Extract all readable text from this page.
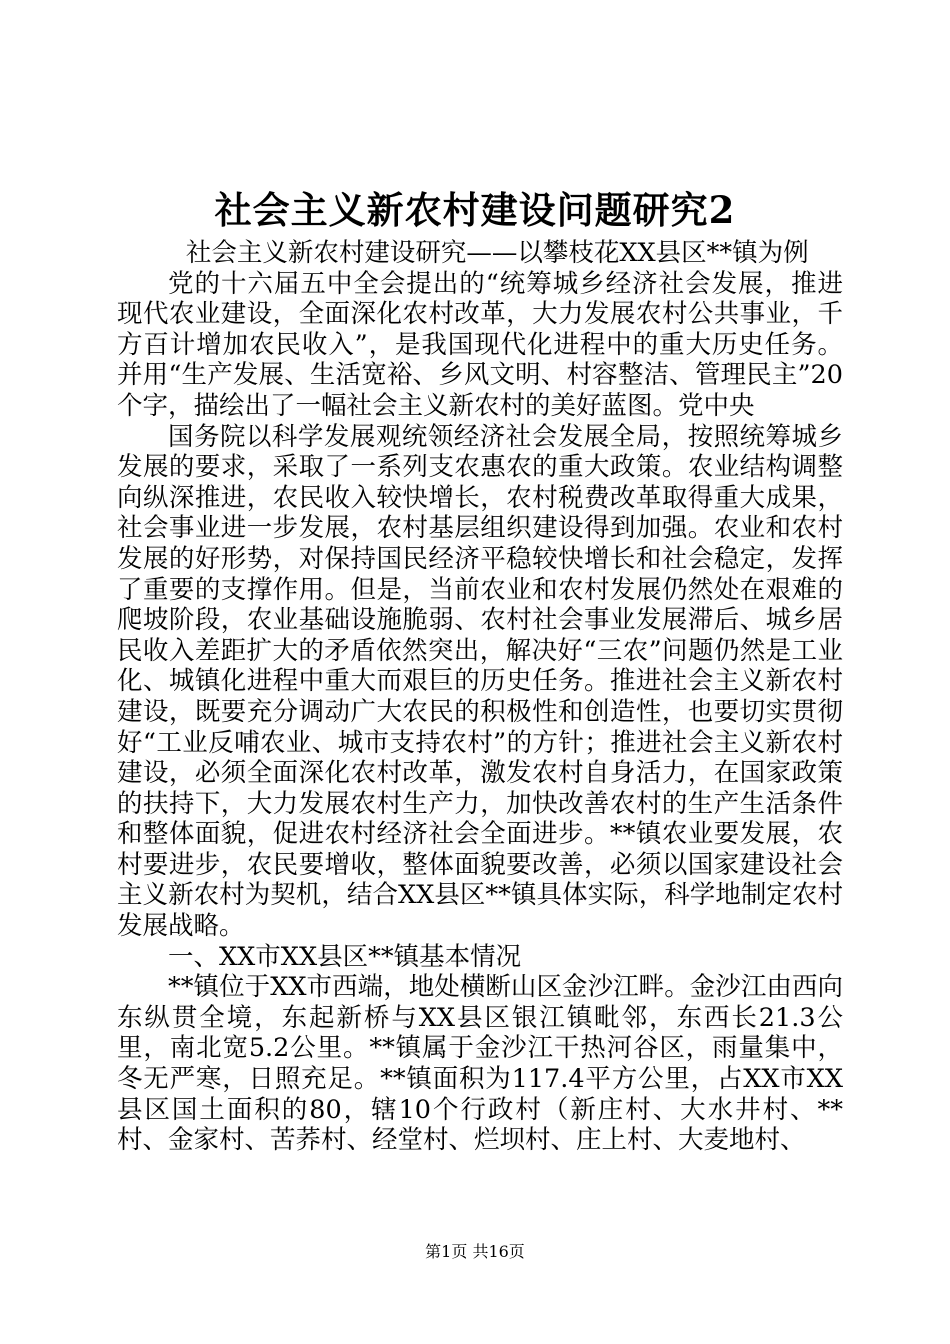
社会主义新农村建设问题研究2

社会主义新农村建设研究——以攀枝花XX县区**镇为例

党的十六届五中全会提出的“统筹城乡经济社会发展，推进现代农业建设，全面深化农村改革，大力发展农村公共事业，千方百计增加农民收入”，是我国现代化进程中的重大历史任务。并用“生产发展、生活宽裕、乡风文明、村容整洁、管理民主”20个字，描绘出了一幅社会主义新农村的美好蓝图。党中央

国务院以科学发展观统领经济社会发展全局，按照统筹城乡发展的要求，采取了一系列支农惠农的重大政策。农业结构调整向纵深推进，农民收入较快增长，农村税费改革取得重大成果，社会事业进一步发展，农村基层组织建设得到加强。农业和农村发展的好形势，对保持国民经济平稳较快增长和社会稳定，发挥了重要的支撑作用。但是，当前农业和农村发展仍然处在艰难的爬坡阶段，农业基础设施脆弱、农村社会事业发展滞后、城乡居民收入差距扩大的矛盾依然突出，解决好“三农”问题仍然是工业化、城镇化进程中重大而艰巨的历史任务。推进社会主义新农村建设，既要充分调动广大农民的积极性和创造性，也要切实贯彻好“工业反哺农业、城市支持农村”的方针；推进社会主义新农村建设，必须全面深化农村改革，激发农村自身活力，在国家政策的扶持下，大力发展农村生产力，加快改善农村的生产生活条件和整体面貌，促进农村经济社会全面进步。**镇农业要发展，农村要进步，农民要增收，整体面貌要改善，必须以国家建设社会主义新农村为契机，结合XX县区**镇具体实际，科学地制定农村发展战略。

一、XX市XX县区**镇基本情况

**镇位于XX市西端，地处横断山区金沙江畔。金沙江由西向东纵贯全境，东起新桥与XX县区银江镇毗邻，东西长21.3公里，南北宽5.2公里。**镇属于金沙江干热河谷区，雨量集中，冬无严寒，日照充足。**镇面积为117.4平方公里，占XX市XX县区国土面积的80，辖10个行政村（新庄村、大水井村、**村、金家村、苦荞村、经堂村、烂坝村、庄上村、大麦地村、

第1页 共16页
